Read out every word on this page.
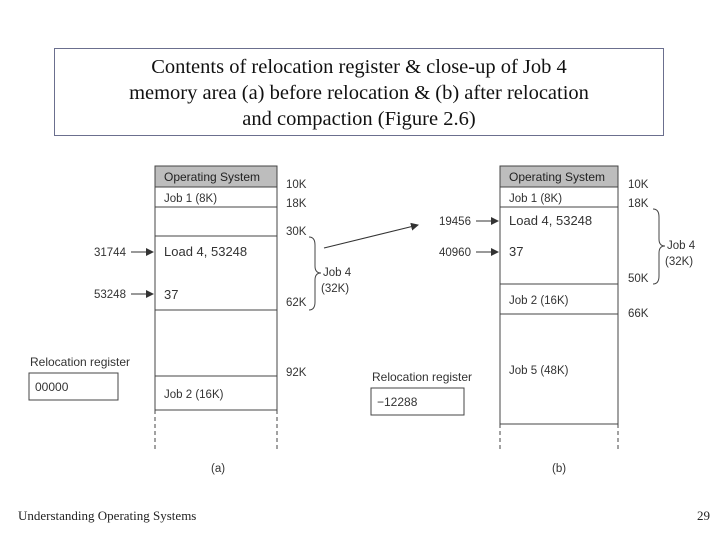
Contents of relocation register & close-up of Job 4
memory area (a) before relocation & (b) after relocation
and compaction (Figure 2.6)
Operating System
Job 1 (8K)
Load 4, 53248
37
Job 2 (16K)
31744
53248
10K
18K
30K
62K
92K
Job 4
(32K)
Relocation register
00000
(a)
Operating System
Job 1 (8K)
Load 4, 53248
37
Job 2 (16K)
Job 5 (48K)
19456
40960
10K
18K
50K
66K
Job 4
(32K)
Relocation register
−12288
(b)
Understanding Operating Systems	29
